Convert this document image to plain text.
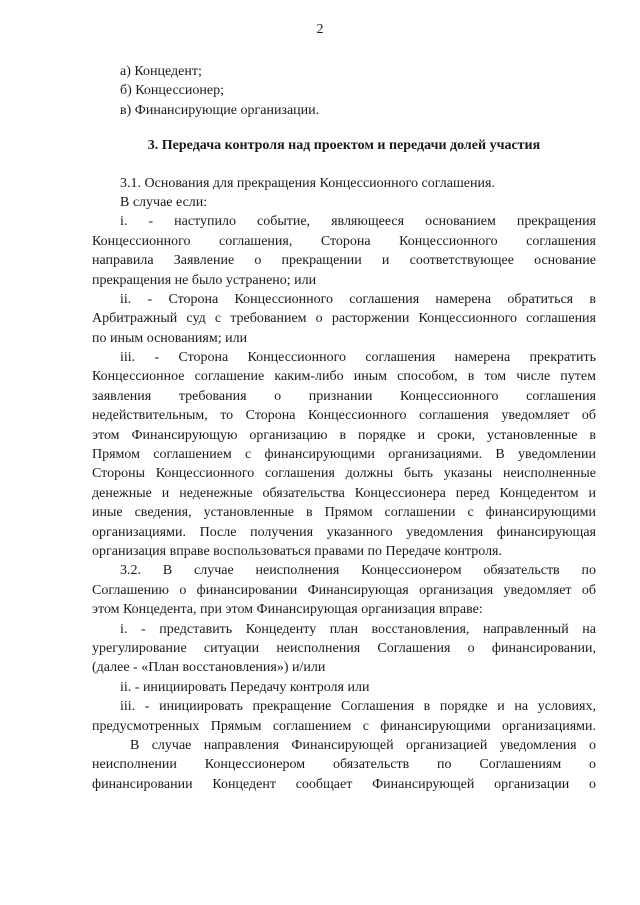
2
а) Концедент;
б) Концессионер;
в) Финансирующие организации.
3. Передача контроля над проектом и передачи долей участия
3.1. Основания для прекращения Концессионного соглашения.
В случае если:
i. - наступило событие, являющееся основанием прекращения
Концессионного соглашения, Сторона Концессионного соглашения
направила Заявление о прекращении и соответствующее основание
прекращения не было устранено; или
ii. - Сторона Концессионного соглашения намерена обратиться в
Арбитражный суд с требованием о расторжении Концессионного соглашения
по иным основаниям; или
iii. - Сторона Концессионного соглашения намерена прекратить
Концессионное соглашение каким-либо иным способом, в том числе путем
заявления требования о признании Концессионного соглашения
недействительным, то Сторона Концессионного соглашения уведомляет об
этом Финансирующую организацию в порядке и сроки, установленные в
Прямом соглашением с финансирующими организациями. В уведомлении
Стороны Концессионного соглашения должны быть указаны неисполненные
денежные и неденежные обязательства Концессионера перед Концедентом и
иные сведения, установленные в Прямом соглашении с финансирующими
организациями. После получения указанного уведомления финансирующая
организация вправе воспользоваться правами по Передаче контроля.
3.2. В случае неисполнения Концессионером обязательств по
Соглашению о финансировании Финансирующая организация уведомляет об
этом Концедента, при этом Финансирующая организация вправе:
i. - представить Концеденту план восстановления, направленный на
урегулирование ситуации неисполнения Соглашения о финансировании,
(далее - «План восстановления») и/или
ii. - инициировать Передачу контроля или
iii. - инициировать прекращение Соглашения в порядке и на условиях,
предусмотренных Прямым соглашением с финансирующими организациями.
В случае направления Финансирующей организацией уведомления о
неисполнении Концессионером обязательств по Соглашениям о
финансировании Концедент сообщает Финансирующей организации о
